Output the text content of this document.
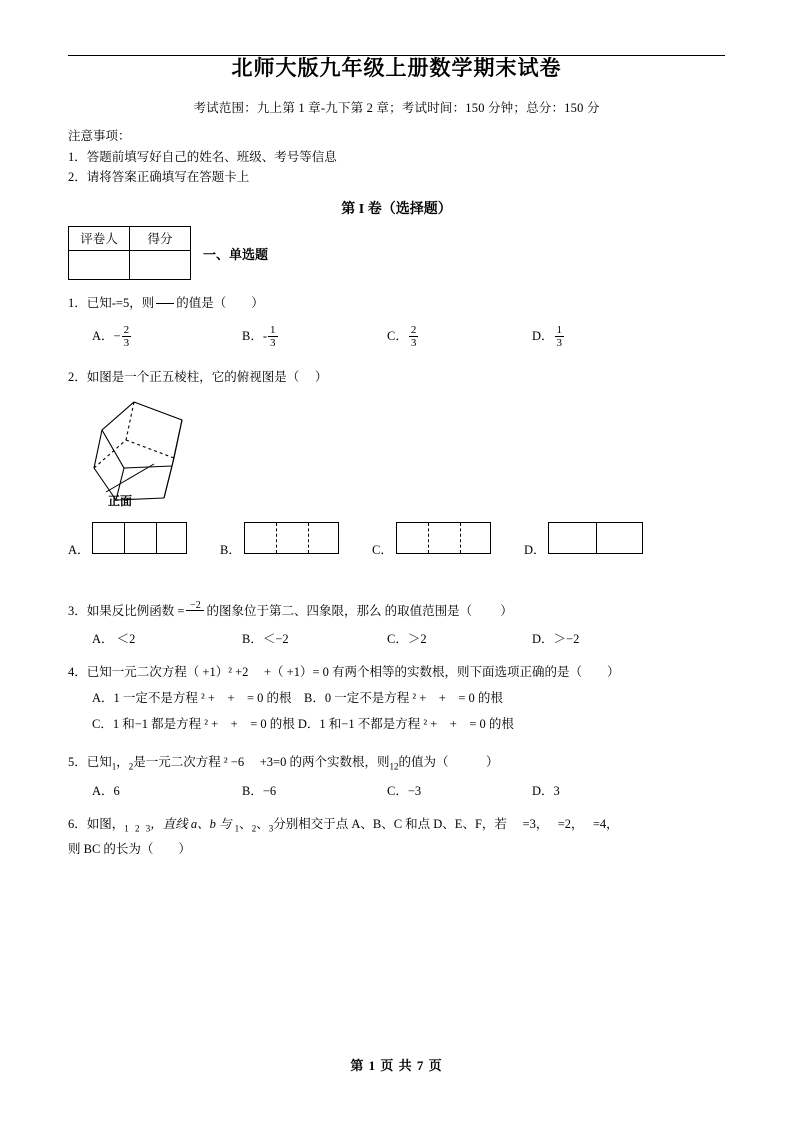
北师大版九年级上册数学期末试卷
考试范围：九上第 1 章-九下第 2 章；考试时间：150 分钟；总分：150 分
注意事项：
1．答题前填写好自己的姓名、班级、考号等信息
2．请将答案正确填写在答题卡上
第 I 卷（选择题）
评卷人	得分

一、单选题
1．已知-=5，则 的值是（　　）
A．− $\frac{2}{3}$	B．- $\frac{1}{3}$	C． $\frac{2}{3}$	D． $\frac{1}{3}$
2．如图是一个正五棱柱，它的俯视图是（　 ）
正面
A．	B．	C．	D．
3．如果反比例函数 = −2 的图象位于第二、四象限，那么 的取值范围是（　　 ）
A． ＜2	B．＜−2	C．＞2	D．＞−2
4．已知一元二次方程（ +1）² +2 　+（ +1）= 0 有两个相等的实数根，则下面选项正确的是（　　）
A．1 一定不是方程 ² +　+　= 0 的根　B．0 一定不是方程 ² +　+　= 0 的根
C．1 和−1 都是方程 ² +　+　= 0 的根 D．1 和−1 不都是方程 ² +　+　= 0 的根
5．已知$_1$，$_2$是一元二次方程 ² −6 　+3=0 的两个实数根，则$_{12}$的值为（　　　）
A．6	B．−6	C．−3	D．3
6．如图，$_1$ $_2$ $_3$，直线 a、b 与 $_1$、$_2$、$_3$分别相交于点 A、B、C 和点 D、E、F，若　 =3，　 =2，　 =4，
则 BC 的长为（　　）
第 1 页 共 7 页
